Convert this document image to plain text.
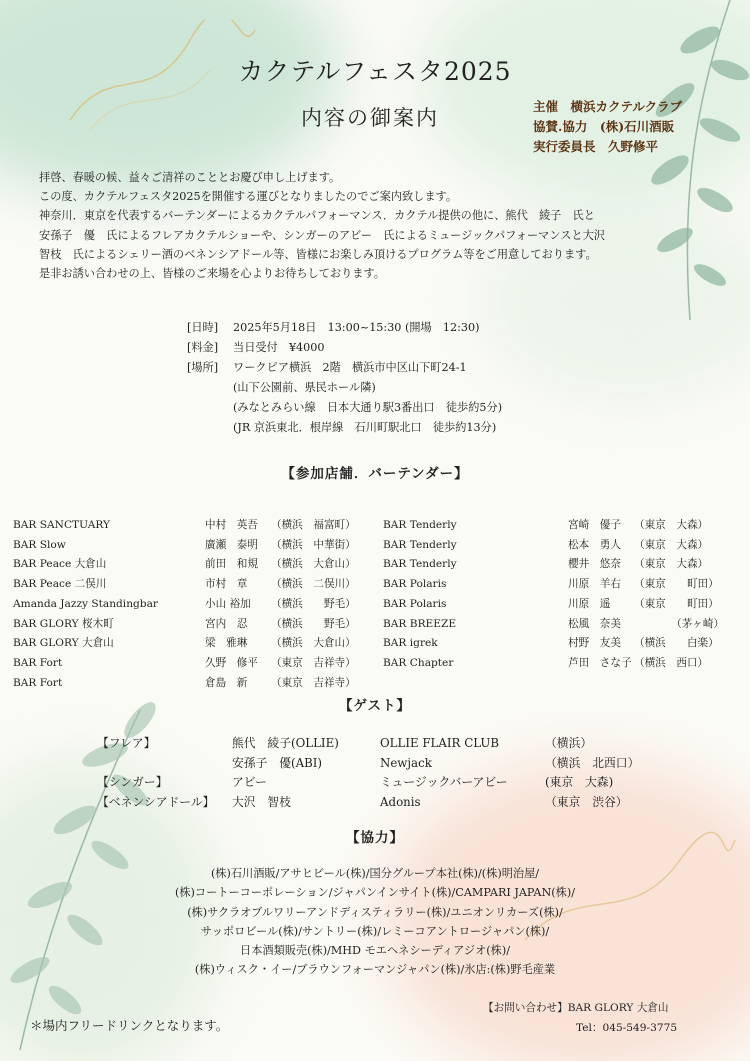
カクテルフェスタ2025
内容の御案内	主催　横浜カクテルクラブ
協賛.協力　(株)石川酒販
実行委員長　久野修平
拝啓、春暖の候、益々ご清祥のこととお慶び申し上げます。
この度、カクテルフェスタ2025を開催する運びとなりましたのでご案内致します。
神奈川．東京を代表するバーテンダーによるカクテルパフォーマンス．カクテル提供の他に、熊代　綾子　氏と
安孫子　優　氏によるフレアカクテルショーや、シンガーのアビー　氏によるミュージックパフォーマンスと大沢
智枝　氏によるシェリー酒のベネンシアドール等、皆様にお楽しみ頂けるプログラム等をご用意しております。
是非お誘い合わせの上、皆様のご来場を心よりお待ちしております。
[日時]	2025年5月18日　13:00~15:30 (開場　12:30)
[料金]	当日受付　¥4000
[場所]	ワークピア横浜　2階　横浜市中区山下町24-1
(山下公園前、県民ホール隣)
(みなとみらい線　日本大通り駅3番出口　徒歩約5分)
(JR 京浜東北．根岸線　石川町駅北口　徒歩約13分)
【参加店舗．バーテンダー】
BAR SANCTUARY	中村　英吾	（横浜　福富町）
BAR Slow	廣瀬　泰明	（横浜　中華街）
BAR Peace 大倉山	前田　和規	（横浜　大倉山）
BAR Peace 二俣川	市村　章	（横浜　二俣川）
Amanda Jazzy Standingbar	小山 裕加	（横浜　　野毛）
BAR GLORY 桜木町	宮内　忍	（横浜　　野毛）
BAR GLORY 大倉山	梁　雅琳	（横浜　大倉山）
BAR Fort	久野　修平	（東京　吉祥寺）
BAR Fort	倉島　新	（東京　吉祥寺）
BAR Tenderly	宮崎　優子	（東京　大森）
BAR Tenderly	松本　勇人	（東京　大森）
BAR Tenderly	櫻井　悠奈	（東京　大森）
BAR Polaris	川原　羊右	（東京　　町田）
BAR Polaris	川原　遥	（東京　　町田）
BAR BREEZE	松風　奈美	　　　　（茅ヶ崎）
BAR igrek	村野　友美	（横浜　　白楽）
BAR Chapter	芦田　さな子 （横浜　西口）
【ゲスト】
【フレア】	熊代　綾子(OLLIE)	OLLIE FLAIR CLUB	（横浜）
安孫子　優(ABI)	Newjack	（横浜　北西口）
【シンガー】	アビー	ミュージックバーアビー	(東京　大森)
【ベネンシアドール】	大沢　智枝	Adonis	（東京　渋谷）
【協力】
(株)石川酒販/アサヒビール(株)/国分グループ本社(株)/(株)明治屋/
(株)コートーコーポレーション/ジャパンインサイト(株)/CAMPARI JAPAN(株)/
(株)サクラオブルワリーアンドディスティラリー(株)/ユニオンリカーズ(株)/
サッポロビール(株)/サントリー(株)/レミーコアントロージャパン(株)/
日本酒類販売(株)/MHD モエヘネシーディアジオ(株)/
(株)ウィスク・イー/ブラウンフォーマンジャパン(株)/氷店:(株)野毛産業
＊場内フリードリンクとなります。
【お問い合わせ】BAR GLORY 大倉山
Tel：045-549-3775
